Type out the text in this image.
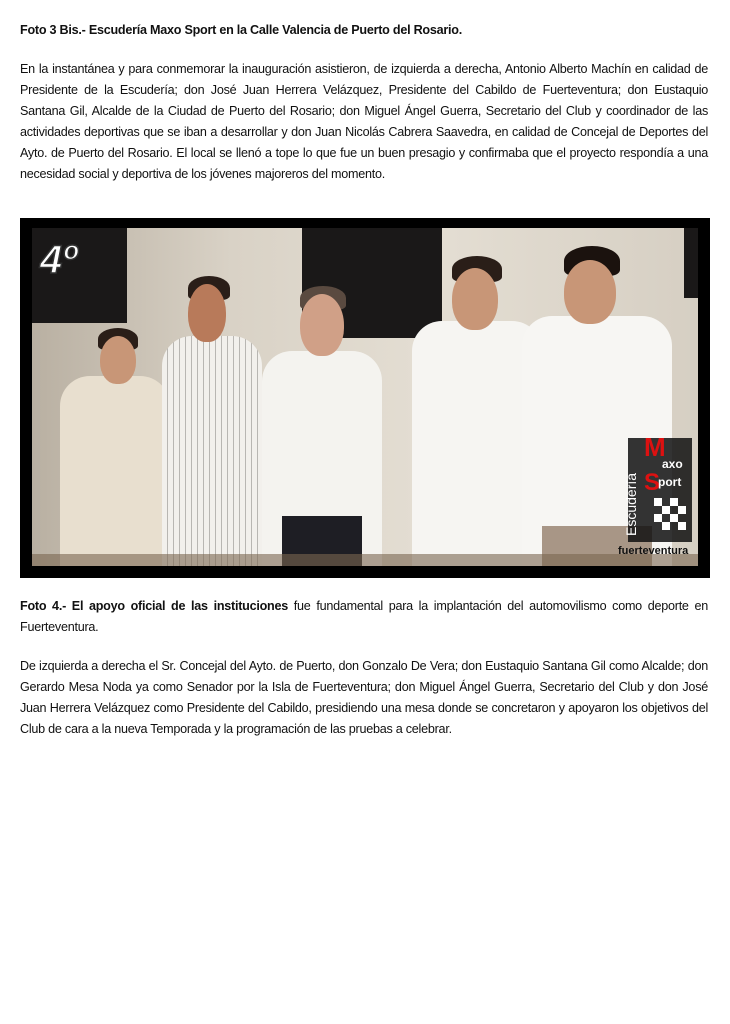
Foto 3 Bis.- Escudería Maxo Sport en la Calle Valencia de Puerto del Rosario.

En la instantánea y para conmemorar la inauguración asistieron, de izquierda a derecha, Antonio Alberto Machín en calidad de Presidente de la Escudería; don José Juan Herrera Velázquez, Presidente del Cabildo de Fuerteventura; don Eustaquio Santana Gil, Alcalde de la Ciudad de Puerto del Rosario; don Miguel Ángel Guerra, Secretario del Club y coordinador de las actividades deportivas que se iban a desarrollar y don Juan Nicolás Cabrera Saavedra, en calidad de Concejal de Deportes del Ayto. de Puerto del Rosario. El local se llenó a tope lo que fue un buen presagio y confirmaba que el proyecto respondía a una necesidad social y deportiva de los jóvenes majoreros del momento.

4º
M
axo
S
port
Escudería
fuerteventura

Foto 4.- El apoyo oficial de las instituciones fue fundamental para la implantación del automovilismo como deporte en Fuerteventura.

De izquierda a derecha el Sr. Concejal del Ayto. de Puerto, don Gonzalo De Vera; don Eustaquio Santana Gil como Alcalde; don Gerardo Mesa Noda ya como Senador por la Isla de Fuerteventura; don Miguel Ángel Guerra, Secretario del Club y don José Juan Herrera Velázquez como Presidente del Cabildo, presidiendo una mesa donde se concretaron y apoyaron los objetivos del Club de cara a la nueva Temporada y la programación de las pruebas a celebrar.
